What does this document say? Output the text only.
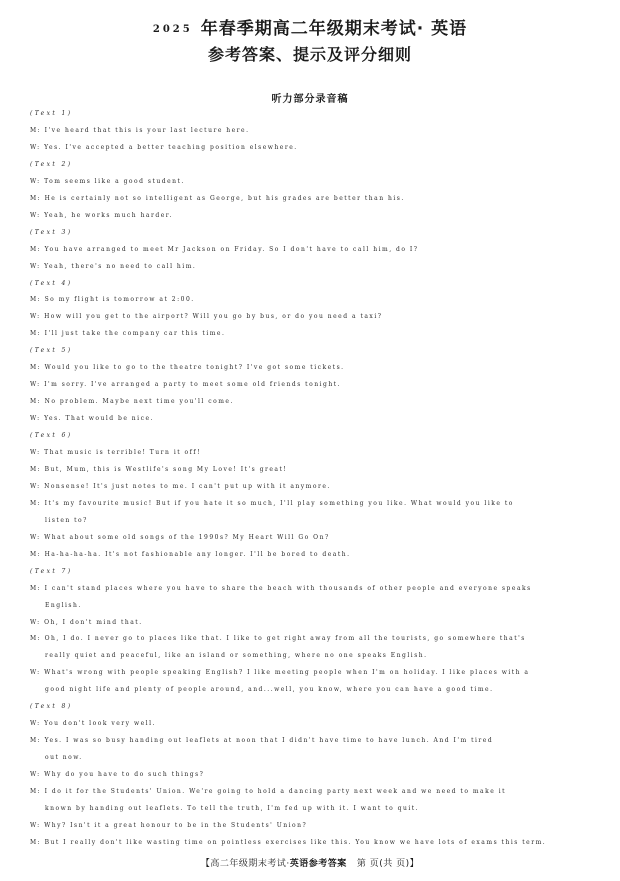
2025 年春季期高二年级期末考试· 英语
参考答案、提示及评分细则
听力部分录音稿
(Text 1)
M: I've heard that this is your last lecture here.
W: Yes. I've accepted a better teaching position elsewhere.
(Text 2)
W: Tom seems like a good student.
M: He is certainly not so intelligent as George, but his grades are better than his.
W: Yeah, he works much harder.
(Text 3)
M: You have arranged to meet Mr Jackson on Friday. So I don't have to call him, do I?
W: Yeah, there's no need to call him.
(Text 4)
M: So my flight is tomorrow at 2:00.
W: How will you get to the airport? Will you go by bus, or do you need a taxi?
M: I'll just take the company car this time.
(Text 5)
M: Would you like to go to the theatre tonight? I've got some tickets.
W: I'm sorry. I've arranged a party to meet some old friends tonight.
M: No problem. Maybe next time you'll come.
W: Yes. That would be nice.
(Text 6)
W: That music is terrible! Turn it off!
M: But, Mum, this is Westlife's song My Love! It's great!
W: Nonsense! It's just notes to me. I can't put up with it anymore.
M: It's my favourite music! But if you hate it so much, I'll play something you like. What would you like to
listen to?
W: What about some old songs of the 1990s? My Heart Will Go On?
M: Ha-ha-ha-ha. It's not fashionable any longer. I'll be bored to death.
(Text 7)
M: I can't stand places where you have to share the beach with thousands of other people and everyone speaks
English.
W: Oh, I don't mind that.
M: Oh, I do. I never go to places like that. I like to get right away from all the tourists, go somewhere that's
really quiet and peaceful, like an island or something, where no one speaks English.
W: What's wrong with people speaking English? I like meeting people when I'm on holiday. I like places with a
good night life and plenty of people around, and...well, you know, where you can have a good time.
(Text 8)
W: You don't look very well.
M: Yes. I was so busy handing out leaflets at noon that I didn't have time to have lunch. And I'm tired
out now.
W: Why do you have to do such things?
M: I do it for the Students' Union. We're going to hold a dancing party next week and we need to make it
known by handing out leaflets. To tell the truth, I'm fed up with it. I want to quit.
W: Why? Isn't it a great honour to be in the Students' Union?
M: But I really don't like wasting time on pointless exercises like this. You know we have lots of exams this term.
【高二年级期末考试·英语参考答案 第 页(共 页)】
